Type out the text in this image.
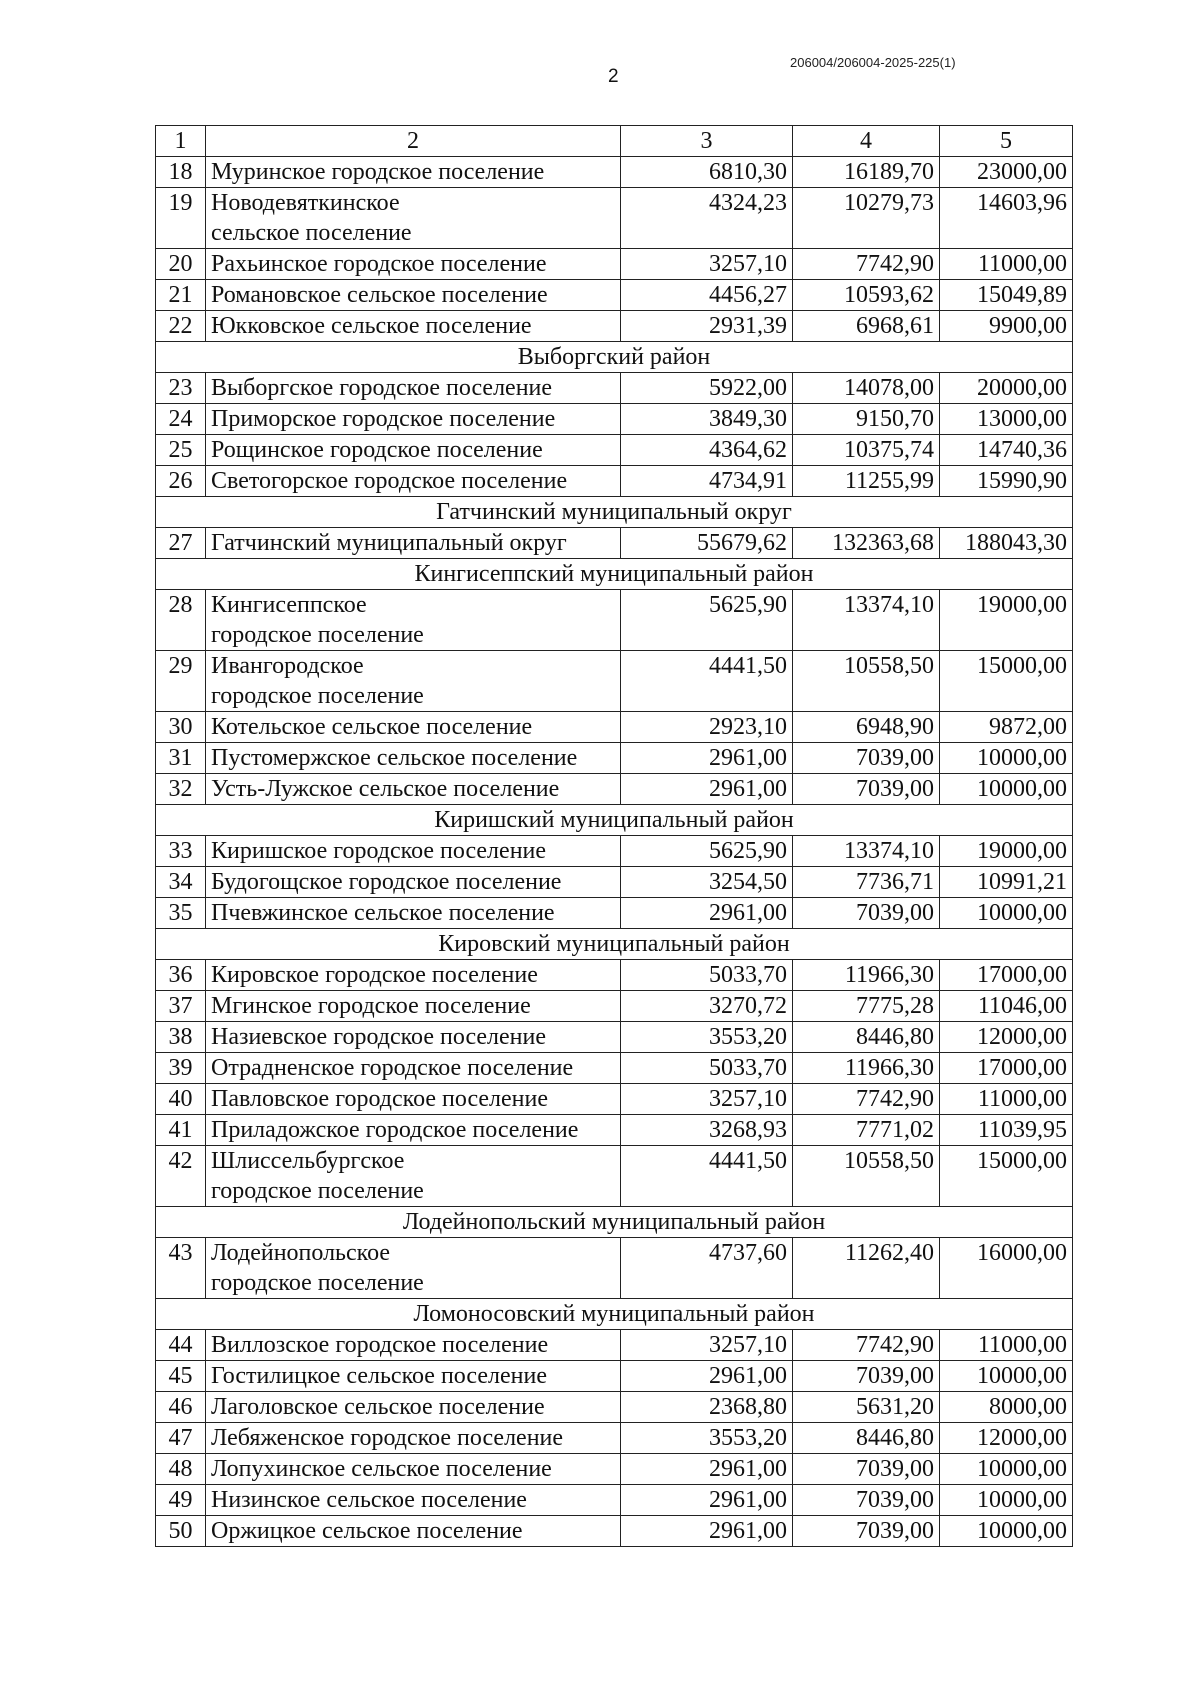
206004/206004-2025-225(1)
2
1	2	3	4	5
18	Муринское городское поселение	6810,30	16189,70	23000,00
19	Новодевяткинское
сельское поселение	4324,23	10279,73	14603,96
20	Рахьинское городское поселение	3257,10	7742,90	11000,00
21	Романовское сельское поселение	4456,27	10593,62	15049,89
22	Юкковское сельское поселение	2931,39	6968,61	9900,00
Выборгский район				
23	Выборгское городское поселение	5922,00	14078,00	20000,00
24	Приморское городское поселение	3849,30	9150,70	13000,00
25	Рощинское городское поселение	4364,62	10375,74	14740,36
26	Светогорское городское поселение	4734,91	11255,99	15990,90
Гатчинский муниципальный округ				
27	Гатчинский муниципальный округ	55679,62	132363,68	188043,30
Кингисеппский муниципальный район				
28	Кингисеппское
городское поселение	5625,90	13374,10	19000,00
29	Ивангородское
городское поселение	4441,50	10558,50	15000,00
30	Котельское сельское поселение	2923,10	6948,90	9872,00
31	Пустомержское сельское поселение	2961,00	7039,00	10000,00
32	Усть-Лужское сельское поселение	2961,00	7039,00	10000,00
Киришский муниципальный район				
33	Киришское городское поселение	5625,90	13374,10	19000,00
34	Будогощское городское поселение	3254,50	7736,71	10991,21
35	Пчевжинское сельское поселение	2961,00	7039,00	10000,00
Кировский муниципальный район				
36	Кировское городское поселение	5033,70	11966,30	17000,00
37	Мгинское городское поселение	3270,72	7775,28	11046,00
38	Назиевское городское поселение	3553,20	8446,80	12000,00
39	Отрадненское городское поселение	5033,70	11966,30	17000,00
40	Павловское городское поселение	3257,10	7742,90	11000,00
41	Приладожское городское поселение	3268,93	7771,02	11039,95
42	Шлиссельбургское
городское поселение	4441,50	10558,50	15000,00
Лодейнопольский муниципальный район				
43	Лодейнопольское
городское поселение	4737,60	11262,40	16000,00
Ломоносовский муниципальный район				
44	Виллозское городское поселение	3257,10	7742,90	11000,00
45	Гостилицкое сельское поселение	2961,00	7039,00	10000,00
46	Лаголовское сельское поселение	2368,80	5631,20	8000,00
47	Лебяженское городское поселение	3553,20	8446,80	12000,00
48	Лопухинское сельское поселение	2961,00	7039,00	10000,00
49	Низинское сельское поселение	2961,00	7039,00	10000,00
50	Оржицкое сельское поселение	2961,00	7039,00	10000,00
